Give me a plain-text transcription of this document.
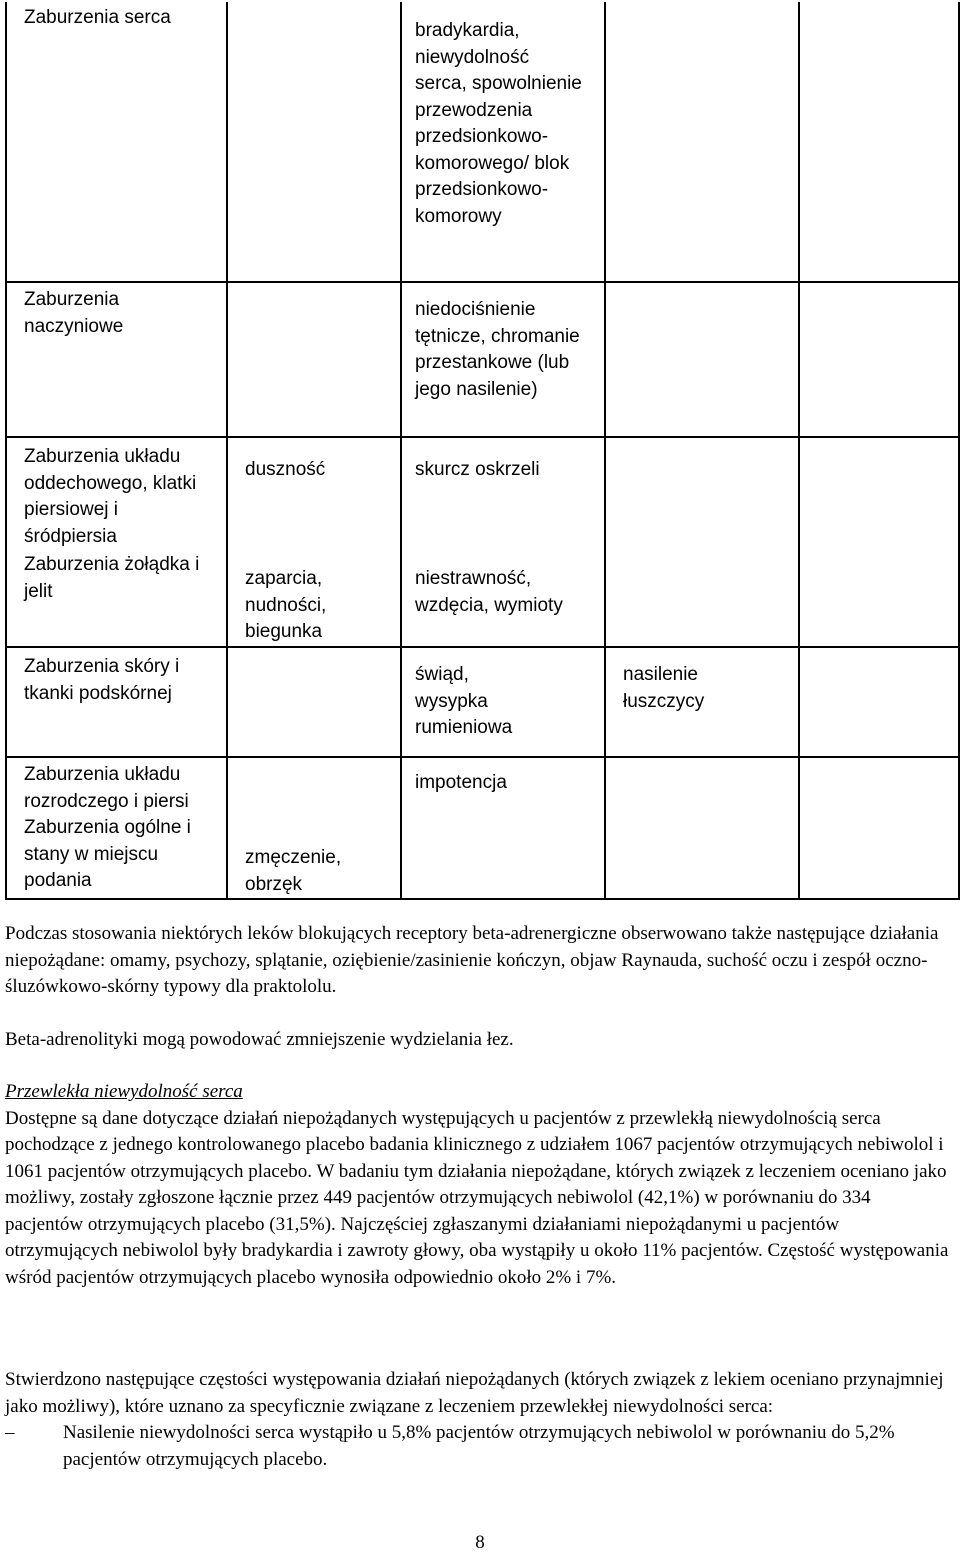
Zaburzenia serca		bradykardia, niewydolność serca, spowolnienie przewodzenia przedsionkowo-komorowego/ blok przedsionkowo-komorowy		
Zaburzenia naczyniowe		niedociśnienie tętnicze, chromanie przestankowe (lub jego nasilenie)		
Zaburzenia układu oddechowego, klatki piersiowej i śródpiersia	duszność	skurcz oskrzeli		
Zaburzenia żołądka i jelit	zaparcia, nudności, biegunka	niestrawność, wzdęcia, wymioty		
Zaburzenia skóry i tkanki podskórnej		świąd, wysypka rumieniowa	nasilenie łuszczycy	
Zaburzenia układu rozrodczego i piersi		impotencja		
Zaburzenia ogólne i stany w miejscu podania	zmęczenie, obrzęk			

Podczas stosowania niektórych leków blokujących receptory beta-adrenergiczne obserwowano także następujące działania niepożądane: omamy, psychozy, splątanie, oziębienie/zasinienie kończyn, objaw Raynauda, suchość oczu i zespół oczno-śluzówkowo-skórny typowy dla praktololu.

Beta-adrenolityki mogą powodować zmniejszenie wydzielania łez.

Przewlekła niewydolność serca

Dostępne są dane dotyczące działań niepożądanych występujących u pacjentów z przewlekłą niewydolnością serca pochodzące z jednego kontrolowanego placebo badania klinicznego z udziałem 1067 pacjentów otrzymujących nebiwolol i 1061 pacjentów otrzymujących placebo. W badaniu tym działania niepożądane, których związek z leczeniem oceniano jako możliwy, zostały zgłoszone łącznie przez 449 pacjentów otrzymujących nebiwolol (42,1%) w porównaniu do 334 pacjentów otrzymujących placebo (31,5%). Najczęściej zgłaszanymi działaniami niepożądanymi u pacjentów otrzymujących nebiwolol były bradykardia i zawroty głowy, oba wystąpiły u około 11% pacjentów. Częstość występowania wśród pacjentów otrzymujących placebo wynosiła odpowiednio około 2% i 7%.

Stwierdzono następujące częstości występowania działań niepożądanych (których związek z lekiem oceniano przynajmniej jako możliwy), które uznano za specyficznie związane z leczeniem przewlekłej niewydolności serca:

–	Nasilenie niewydolności serca wystąpiło u 5,8% pacjentów otrzymujących nebiwolol w porównaniu do 5,2% pacjentów otrzymujących placebo.
8
